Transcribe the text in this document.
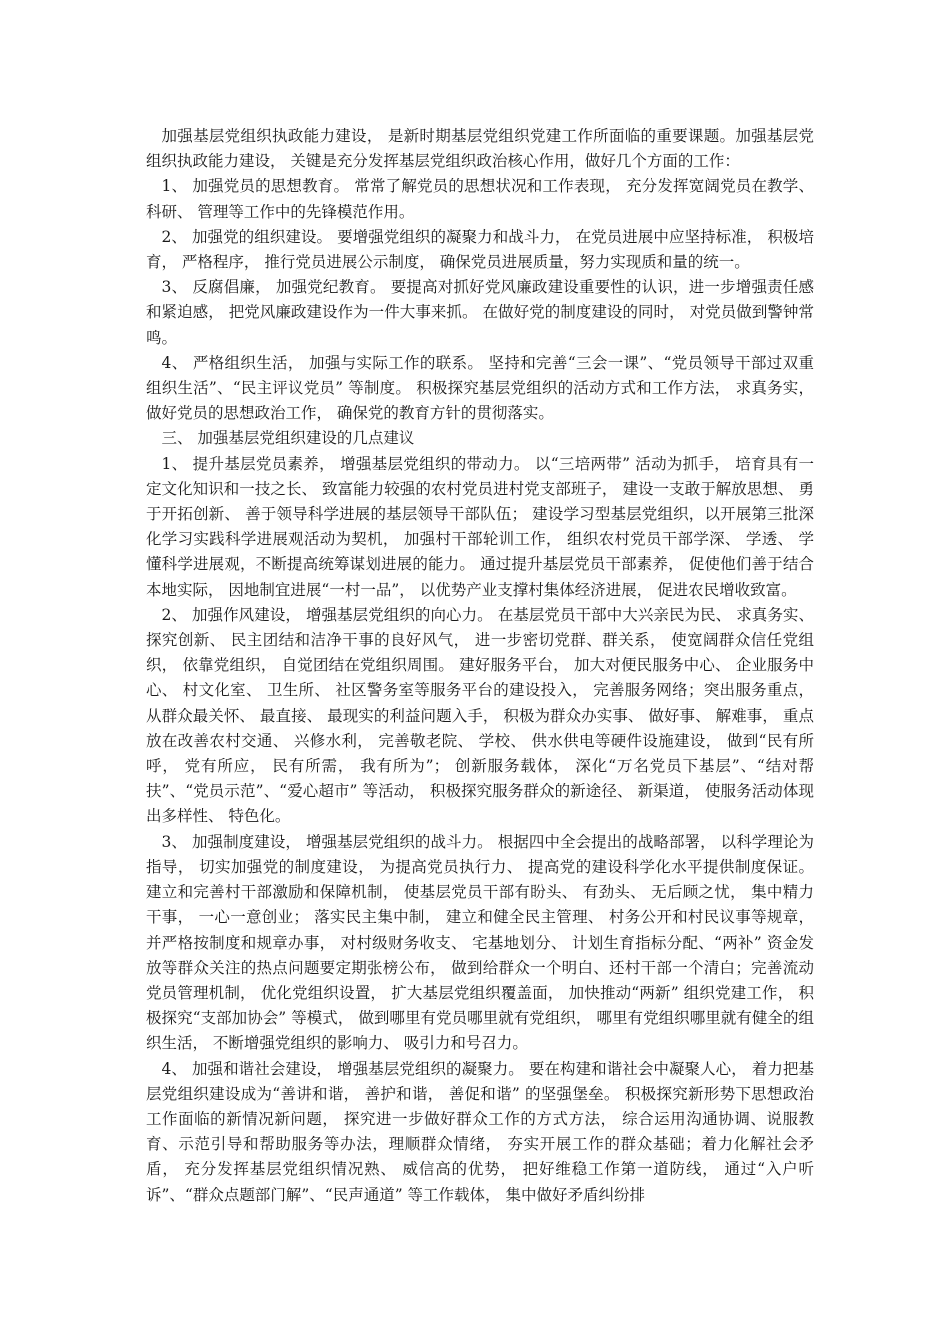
加强基层党组织执政能力建设， 是新时期基层党组织党建工作所面临的重要课题。加强基层党组织执政能力建设， 关键是充分发挥基层党组织政治核心作用，做好几个方面的工作：

1、 加强党员的思想教育。 常常了解党员的思想状况和工作表现， 充分发挥宽阔党员在教学、 科研、 管理等工作中的先锋模范作用。

2、 加强党的组织建设。 要增强党组织的凝聚力和战斗力， 在党员进展中应坚持标准， 积极培育， 严格程序， 推行党员进展公示制度， 确保党员进展质量，努力实现质和量的统一。

3、 反腐倡廉， 加强党纪教育。 要提高对抓好党风廉政建设重要性的认识，进一步增强责任感和紧迫感， 把党风廉政建设作为一件大事来抓。 在做好党的制度建设的同时， 对党员做到警钟常鸣。

4、 严格组织生活， 加强与实际工作的联系。 坚持和完善“三会一课”、“党员领导干部过双重组织生活”、“民主评议党员” 等制度。 积极探究基层党组织的活动方式和工作方法， 求真务实， 做好党员的思想政治工作， 确保党的教育方针的贯彻落实。

三、 加强基层党组织建设的几点建议

1、 提升基层党员素养， 增强基层党组织的带动力。 以“三培两带” 活动为抓手， 培育具有一定文化知识和一技之长、 致富能力较强的农村党员进村党支部班子， 建设一支敢于解放思想、 勇于开拓创新、 善于领导科学进展的基层领导干部队伍； 建设学习型基层党组织，以开展第三批深化学习实践科学进展观活动为契机， 加强村干部轮训工作， 组织农村党员干部学深、 学透、 学懂科学进展观，不断提高统筹谋划进展的能力。 通过提升基层党员干部素养， 促使他们善于结合本地实际， 因地制宜进展“一村一品”， 以优势产业支撑村集体经济进展， 促进农民增收致富。

2、 加强作风建设， 增强基层党组织的向心力。 在基层党员干部中大兴亲民为民、 求真务实、 探究创新、 民主团结和洁净干事的良好风气， 进一步密切党群、群关系， 使宽阔群众信任党组织， 依靠党组织， 自觉团结在党组织周围。 建好服务平台， 加大对便民服务中心、 企业服务中心、 村文化室、 卫生所、 社区警务室等服务平台的建设投入， 完善服务网络；突出服务重点， 从群众最关怀、 最直接、 最现实的利益问题入手， 积极为群众办实事、 做好事、 解难事， 重点放在改善农村交通、 兴修水利， 完善敬老院、 学校、 供水供电等硬件设施建设， 做到“民有所呼， 党有所应， 民有所需， 我有所为”； 创新服务载体， 深化“万名党员下基层”、“结对帮扶”、“党员示范”、“爱心超市” 等活动， 积极探究服务群众的新途径、 新渠道， 使服务活动体现出多样性、 特色化。

3、 加强制度建设， 增强基层党组织的战斗力。 根据四中全会提出的战略部署， 以科学理论为指导， 切实加强党的制度建设， 为提高党员执行力、 提高党的建设科学化水平提供制度保证。 建立和完善村干部激励和保障机制， 使基层党员干部有盼头、 有劲头、 无后顾之忧， 集中精力干事， 一心一意创业； 落实民主集中制， 建立和健全民主管理、 村务公开和村民议事等规章， 并严格按制度和规章办事， 对村级财务收支、 宅基地划分、 计划生育指标分配、“两补” 资金发放等群众关注的热点问题要定期张榜公布， 做到给群众一个明白、还村干部一个清白；完善流动党员管理机制， 优化党组织设置， 扩大基层党组织覆盖面， 加快推动“两新” 组织党建工作， 积极探究“支部加协会” 等模式， 做到哪里有党员哪里就有党组织， 哪里有党组织哪里就有健全的组织生活， 不断增强党组织的影响力、 吸引力和号召力。

4、 加强和谐社会建设， 增强基层党组织的凝聚力。 要在构建和谐社会中凝聚人心， 着力把基层党组织建设成为“善讲和谐， 善护和谐， 善促和谐” 的坚强堡垒。 积极探究新形势下思想政治工作面临的新情况新问题， 探究进一步做好群众工作的方式方法， 综合运用沟通协调、说服教育、示范引导和帮助服务等办法，理顺群众情绪， 夯实开展工作的群众基础；着力化解社会矛盾， 充分发挥基层党组织情况熟、 威信高的优势， 把好维稳工作第一道防线， 通过“入户听诉”、“群众点题部门解”、“民声通道” 等工作载体， 集中做好矛盾纠纷排
